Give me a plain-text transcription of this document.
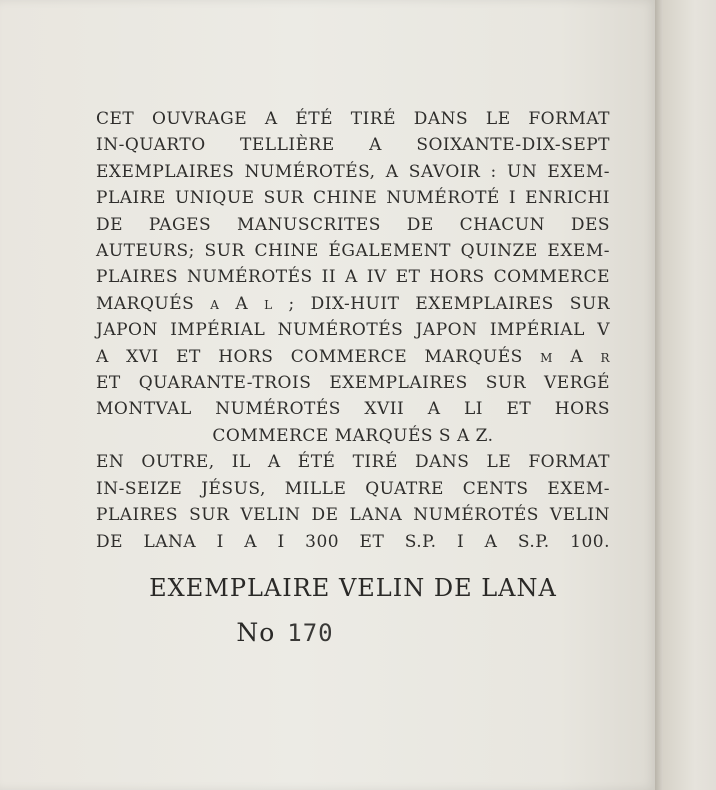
CET OUVRAGE A ÉTÉ TIRÉ DANS LE FORMAT
IN-QUARTO TELLIÈRE A SOIXANTE-DIX-SEPT
EXEMPLAIRES NUMÉROTÉS, A SAVOIR : UN EXEM-
PLAIRE UNIQUE SUR CHINE NUMÉROTÉ I ENRICHI
DE PAGES MANUSCRITES DE CHACUN DES
AUTEURS; SUR CHINE ÉGALEMENT QUINZE EXEM-
PLAIRES NUMÉROTÉS II A IV ET HORS COMMERCE
MARQUÉS a A l ; DIX-HUIT EXEMPLAIRES SUR
JAPON IMPÉRIAL NUMÉROTÉS JAPON IMPÉRIAL V
A XVI ET HORS COMMERCE MARQUÉS m A r
ET QUARANTE-TROIS EXEMPLAIRES SUR VERGÉ
MONTVAL NUMÉROTÉS XVII A LI ET HORS
COMMERCE MARQUÉS S A Z.
EN OUTRE, IL A ÉTÉ TIRÉ DANS LE FORMAT
IN-SEIZE JÉSUS, MILLE QUATRE CENTS EXEM-
PLAIRES SUR VELIN DE LANA NUMÉROTÉS VELIN
DE LANA I A I 300 ET S.P. I A S.P. 100.
EXEMPLAIRE VELIN DE LANA
No 170
